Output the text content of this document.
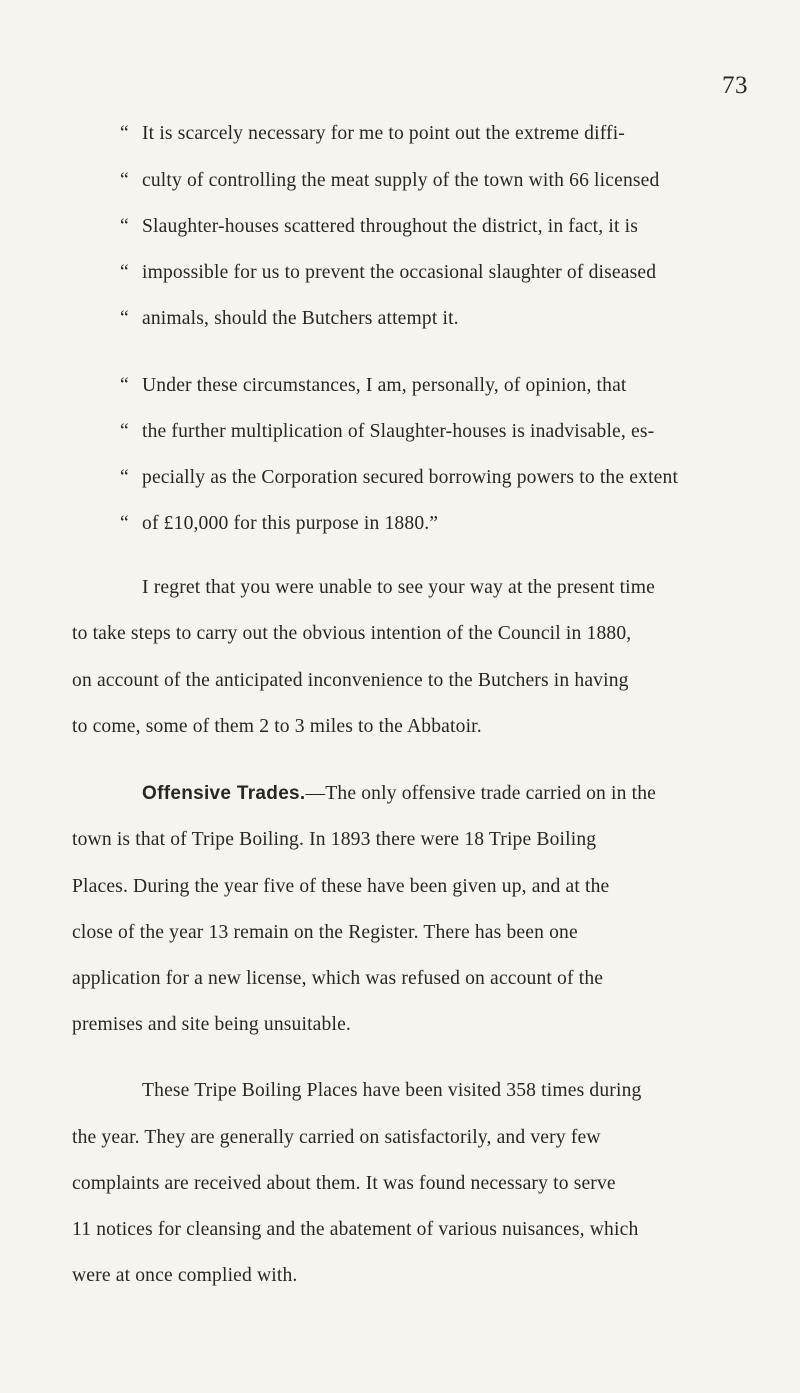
73
“ It is scarcely necessary for me to point out the extreme diffi-
“ culty of controlling the meat supply of the town with 66 licensed
“ Slaughter-houses scattered throughout the district, in fact, it is
“ impossible for us to prevent the occasional slaughter of diseased
“ animals, should the Butchers attempt it.
“ Under these circumstances, I am, personally, of opinion, that
“ the further multiplication of Slaughter-houses is inadvisable, es-
“ pecially as the Corporation secured borrowing powers to the extent
“ of £10,000 for this purpose in 1880.”
I regret that you were unable to see your way at the present time
to take steps to carry out the obvious intention of the Council in 1880,
on account of the anticipated inconvenience to the Butchers in having
to come, some of them 2 to 3 miles to the Abbatoir.
Offensive Trades.—The only offensive trade carried on in the
town is that of Tripe Boiling. In 1893 there were 18 Tripe Boiling
Places. During the year five of these have been given up, and at the
close of the year 13 remain on the Register. There has been one
application for a new license, which was refused on account of the
premises and site being unsuitable.
These Tripe Boiling Places have been visited 358 times during
the year. They are generally carried on satisfactorily, and very few
complaints are received about them. It was found necessary to serve
11 notices for cleansing and the abatement of various nuisances, which
were at once complied with.
